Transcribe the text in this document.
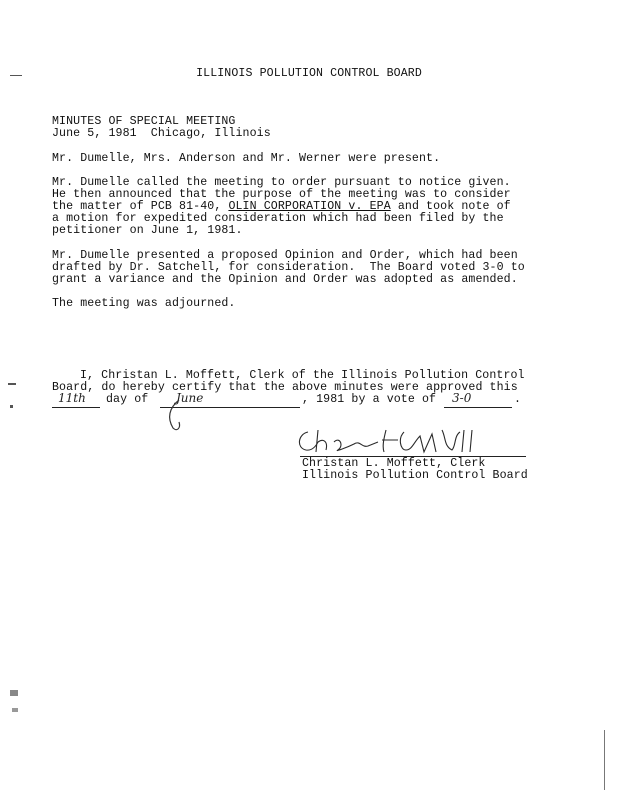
ILLINOIS POLLUTION CONTROL BOARD
MINUTES OF SPECIAL MEETING
June 5, 1981  Chicago, Illinois
Mr. Dumelle, Mrs. Anderson and Mr. Werner were present.
Mr. Dumelle called the meeting to order pursuant to notice given.
He then announced that the purpose of the meeting was to consider
the matter of PCB 81-40, OLIN CORPORATION v. EPA and took note of
a motion for expedited consideration which had been filed by the
petitioner on June 1, 1981.
Mr. Dumelle presented a proposed Opinion and Order, which had been
drafted by Dr. Satchell, for consideration.  The Board voted 3-0 to
grant a variance and the Opinion and Order was adopted as amended.
The meeting was adjourned.
I, Christan L. Moffett, Clerk of the Illinois Pollution Control
Board, do hereby certify that the above minutes were approved this
11th day of June	, 1981 by a vote of 3-0	.
Christan L. Moffett, Clerk
Illinois Pollution Control Board
